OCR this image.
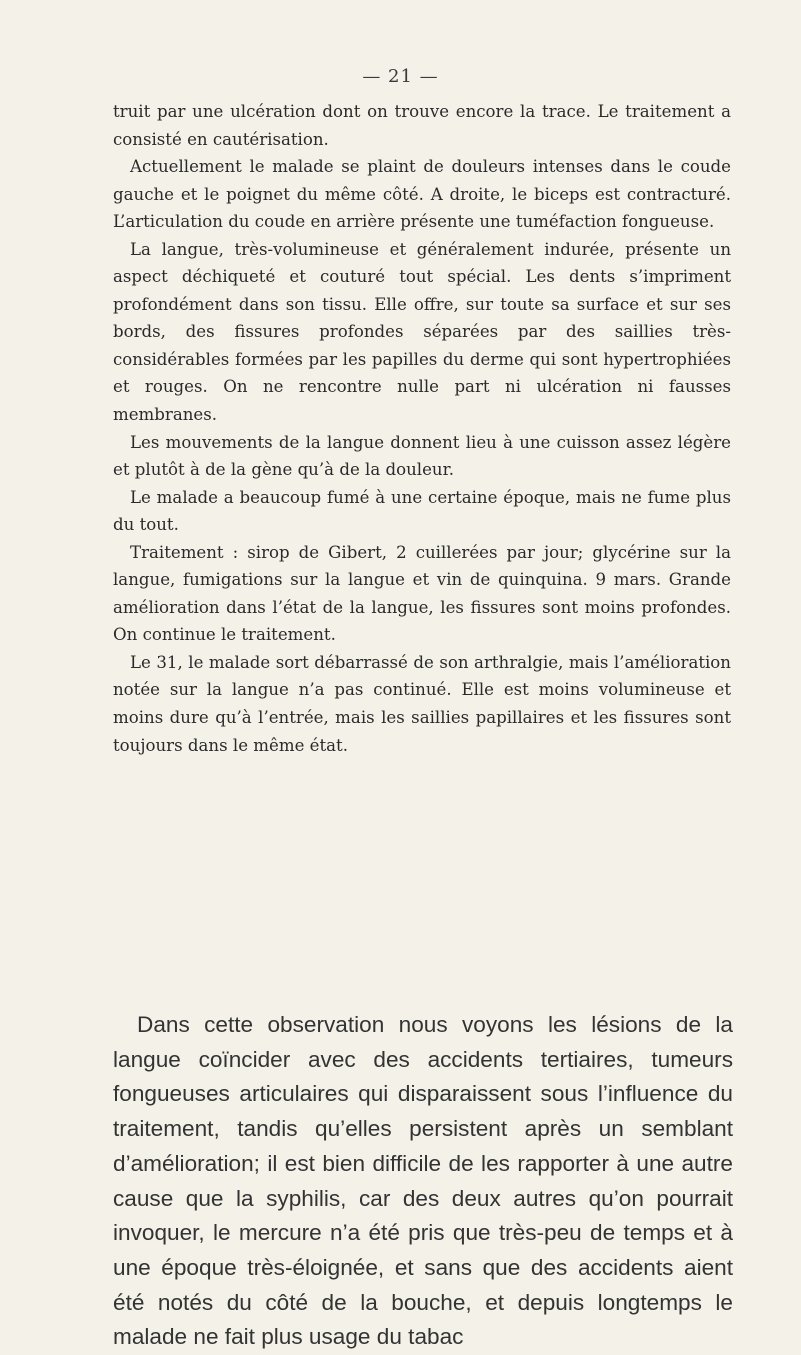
— 21 —

truit par une ulcération dont on trouve encore la trace. Le traitement a consisté en cautérisation.

Actuellement le malade se plaint de douleurs intenses dans le coude gauche et le poignet du même côté. A droite, le biceps est contracturé. L’articulation du coude en arrière présente une tuméfaction fongueuse.

La langue, très-volumineuse et généralement indurée, présente un aspect déchiqueté et couturé tout spécial. Les dents s’impriment profondément dans son tissu. Elle offre, sur toute sa surface et sur ses bords, des fissures profondes séparées par des saillies très-considérables formées par les papilles du derme qui sont hypertrophiées et rouges. On ne rencontre nulle part ni ulcération ni fausses membranes.

Les mouvements de la langue donnent lieu à une cuisson assez légère et plutôt à de la gène qu’à de la douleur.

Le malade a beaucoup fumé à une certaine époque, mais ne fume plus du tout.

Traitement : sirop de Gibert, 2 cuillerées par jour; glycérine sur la langue, fumigations sur la langue et vin de quinquina. 9 mars. Grande amélioration dans l’état de la langue, les fissures sont moins profondes. On continue le traitement.

Le 31, le malade sort débarrassé de son arthralgie, mais l’amélioration notée sur la langue n’a pas continué. Elle est moins volumineuse et moins dure qu’à l’entrée, mais les saillies papillaires et les fissures sont toujours dans le même état.

Dans cette observation nous voyons les lésions de la langue coïncider avec des accidents tertiaires, tumeurs fongueuses articulaires qui disparaissent sous l’influence du traitement, tandis qu’elles persistent après un semblant d’amélioration; il est bien difficile de les rapporter à une autre cause que la syphilis, car des deux autres qu’on pourrait invoquer, le mercure n’a été pris que très-peu de temps et à une époque très-éloignée, et sans que des accidents aient été notés du côté de la bouche, et depuis longtemps le malade ne fait plus usage du tabac
